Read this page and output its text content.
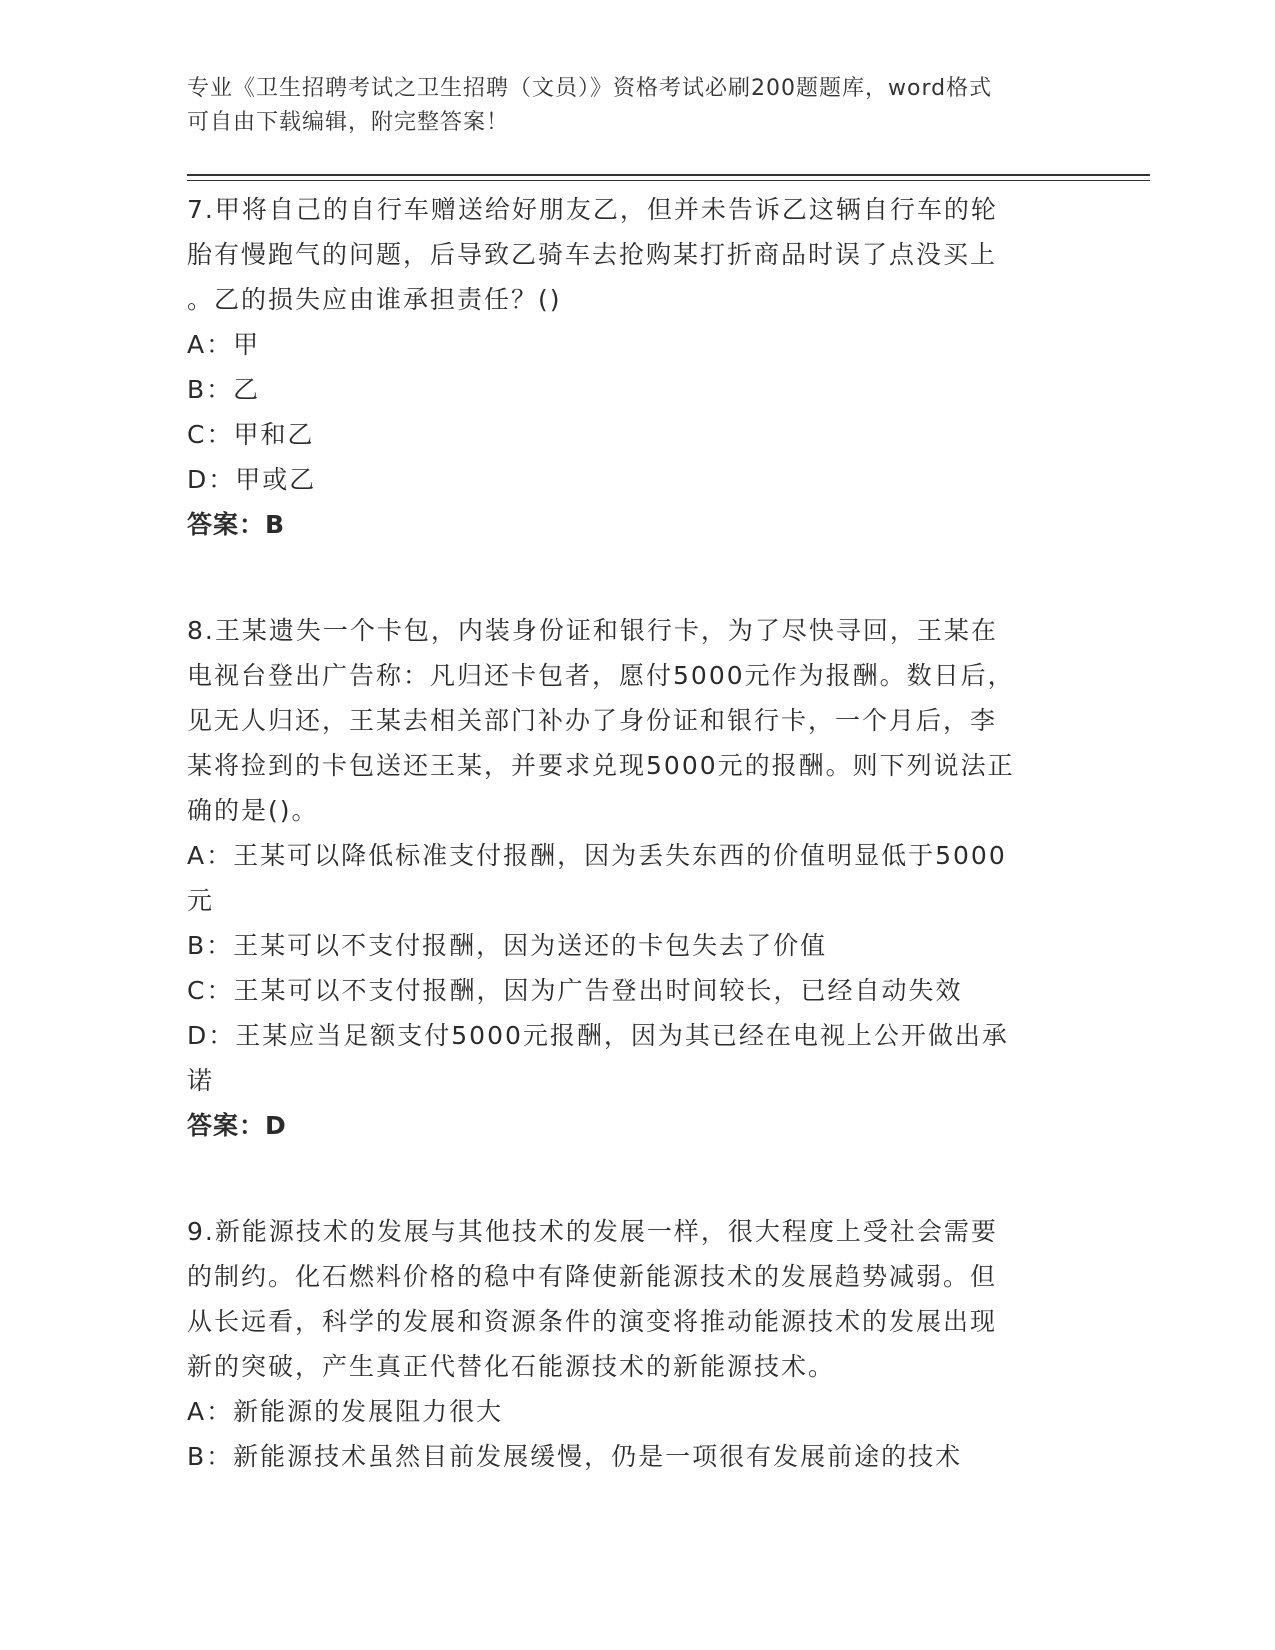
专业《卫生招聘考试之卫生招聘（文员）》资格考试必刷200题题库，word格式
可自由下载编辑，附完整答案！

7.甲将自己的自行车赠送给好朋友乙，但并未告诉乙这辆自行车的轮

胎有慢跑气的问题，后导致乙骑车去抢购某打折商品时误了点没买上

。乙的损失应由谁承担责任？()

A：甲

B：乙

C：甲和乙

D：甲或乙

答案：B

8.王某遗失一个卡包，内装身份证和银行卡，为了尽快寻回，王某在

电视台登出广告称：凡归还卡包者，愿付5000元作为报酬。数日后，

见无人归还，王某去相关部门补办了身份证和银行卡，一个月后，李

某将捡到的卡包送还王某，并要求兑现5000元的报酬。则下列说法正

确的是()。

A：王某可以降低标准支付报酬，因为丢失东西的价值明显低于5000

元

B：王某可以不支付报酬，因为送还的卡包失去了价值

C：王某可以不支付报酬，因为广告登出时间较长，已经自动失效

D：王某应当足额支付5000元报酬，因为其已经在电视上公开做出承

诺

答案：D

9.新能源技术的发展与其他技术的发展一样，很大程度上受社会需要

的制约。化石燃料价格的稳中有降使新能源技术的发展趋势减弱。但

从长远看，科学的发展和资源条件的演变将推动能源技术的发展出现

新的突破，产生真正代替化石能源技术的新能源技术。

A：新能源的发展阻力很大

B：新能源技术虽然目前发展缓慢，仍是一项很有发展前途的技术
